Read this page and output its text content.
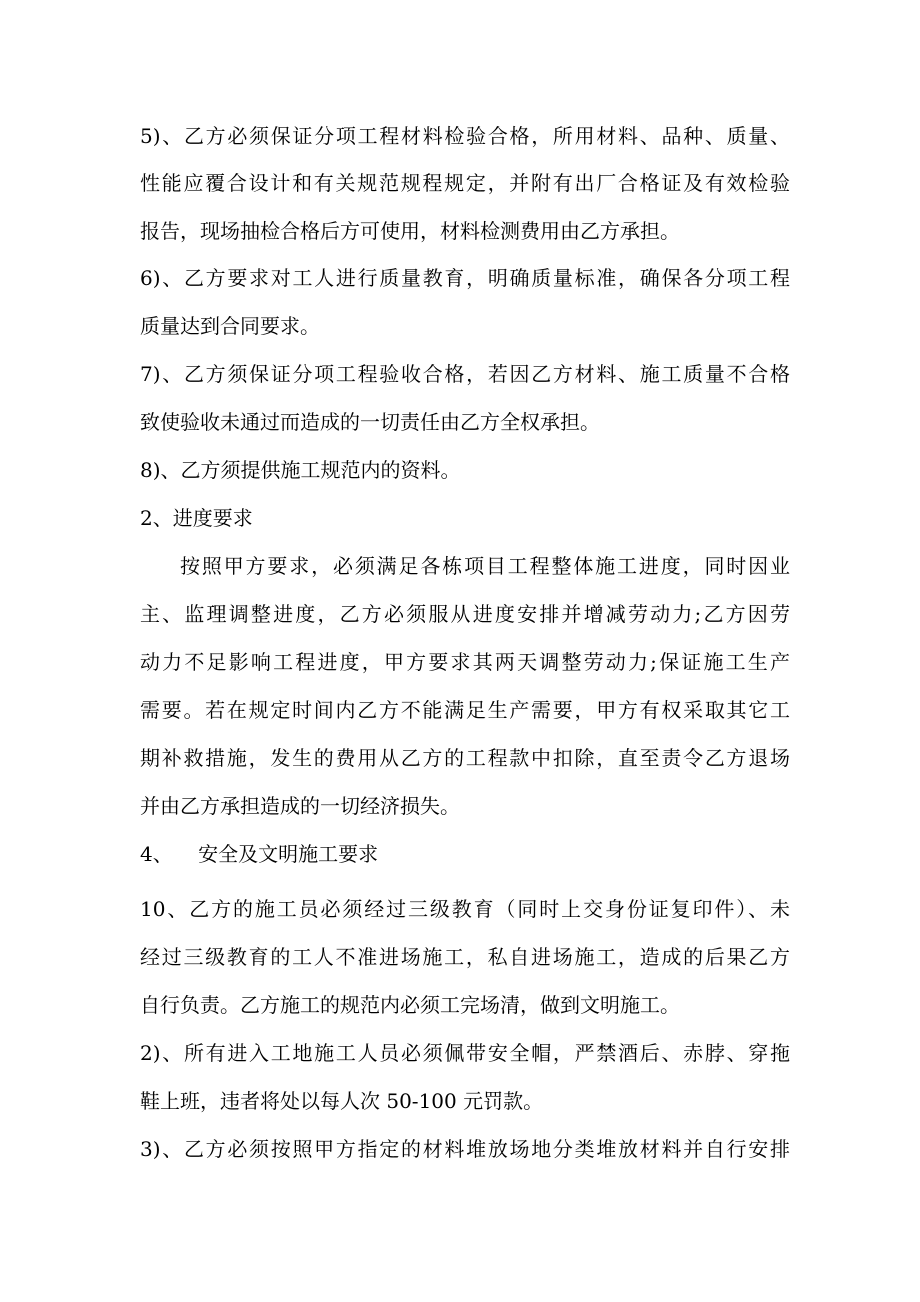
5)、乙方必须保证分项工程材料检验合格，所用材料、品种、质量、
性能应覆合设计和有关规范规程规定，并附有出厂合格证及有效检验
报告，现场抽检合格后方可使用，材料检测费用由乙方承担。
6)、乙方要求对工人进行质量教育，明确质量标准，确保各分项工程
质量达到合同要求。
7)、乙方须保证分项工程验收合格，若因乙方材料、施工质量不合格
致使验收未通过而造成的一切责任由乙方全权承担。
8)、乙方须提供施工规范内的资料。
2、进度要求
按照甲方要求，必须满足各栋项目工程整体施工进度，同时因业
主、监理调整进度，乙方必须服从进度安排并增减劳动力;乙方因劳
动力不足影响工程进度，甲方要求其两天调整劳动力;保证施工生产
需要。若在规定时间内乙方不能满足生产需要，甲方有权采取其它工
期补救措施，发生的费用从乙方的工程款中扣除，直至责令乙方退场
并由乙方承担造成的一切经济损失。
4、    安全及文明施工要求
10、乙方的施工员必须经过三级教育（同时上交身份证复印件）、未
经过三级教育的工人不准进场施工，私自进场施工，造成的后果乙方
自行负责。乙方施工的规范内必须工完场清，做到文明施工。
2)、所有进入工地施工人员必须佩带安全帽，严禁酒后、赤脖、穿拖
鞋上班，违者将处以每人次 50-100 元罚款。
3)、乙方必须按照甲方指定的材料堆放场地分类堆放材料并自行安排
